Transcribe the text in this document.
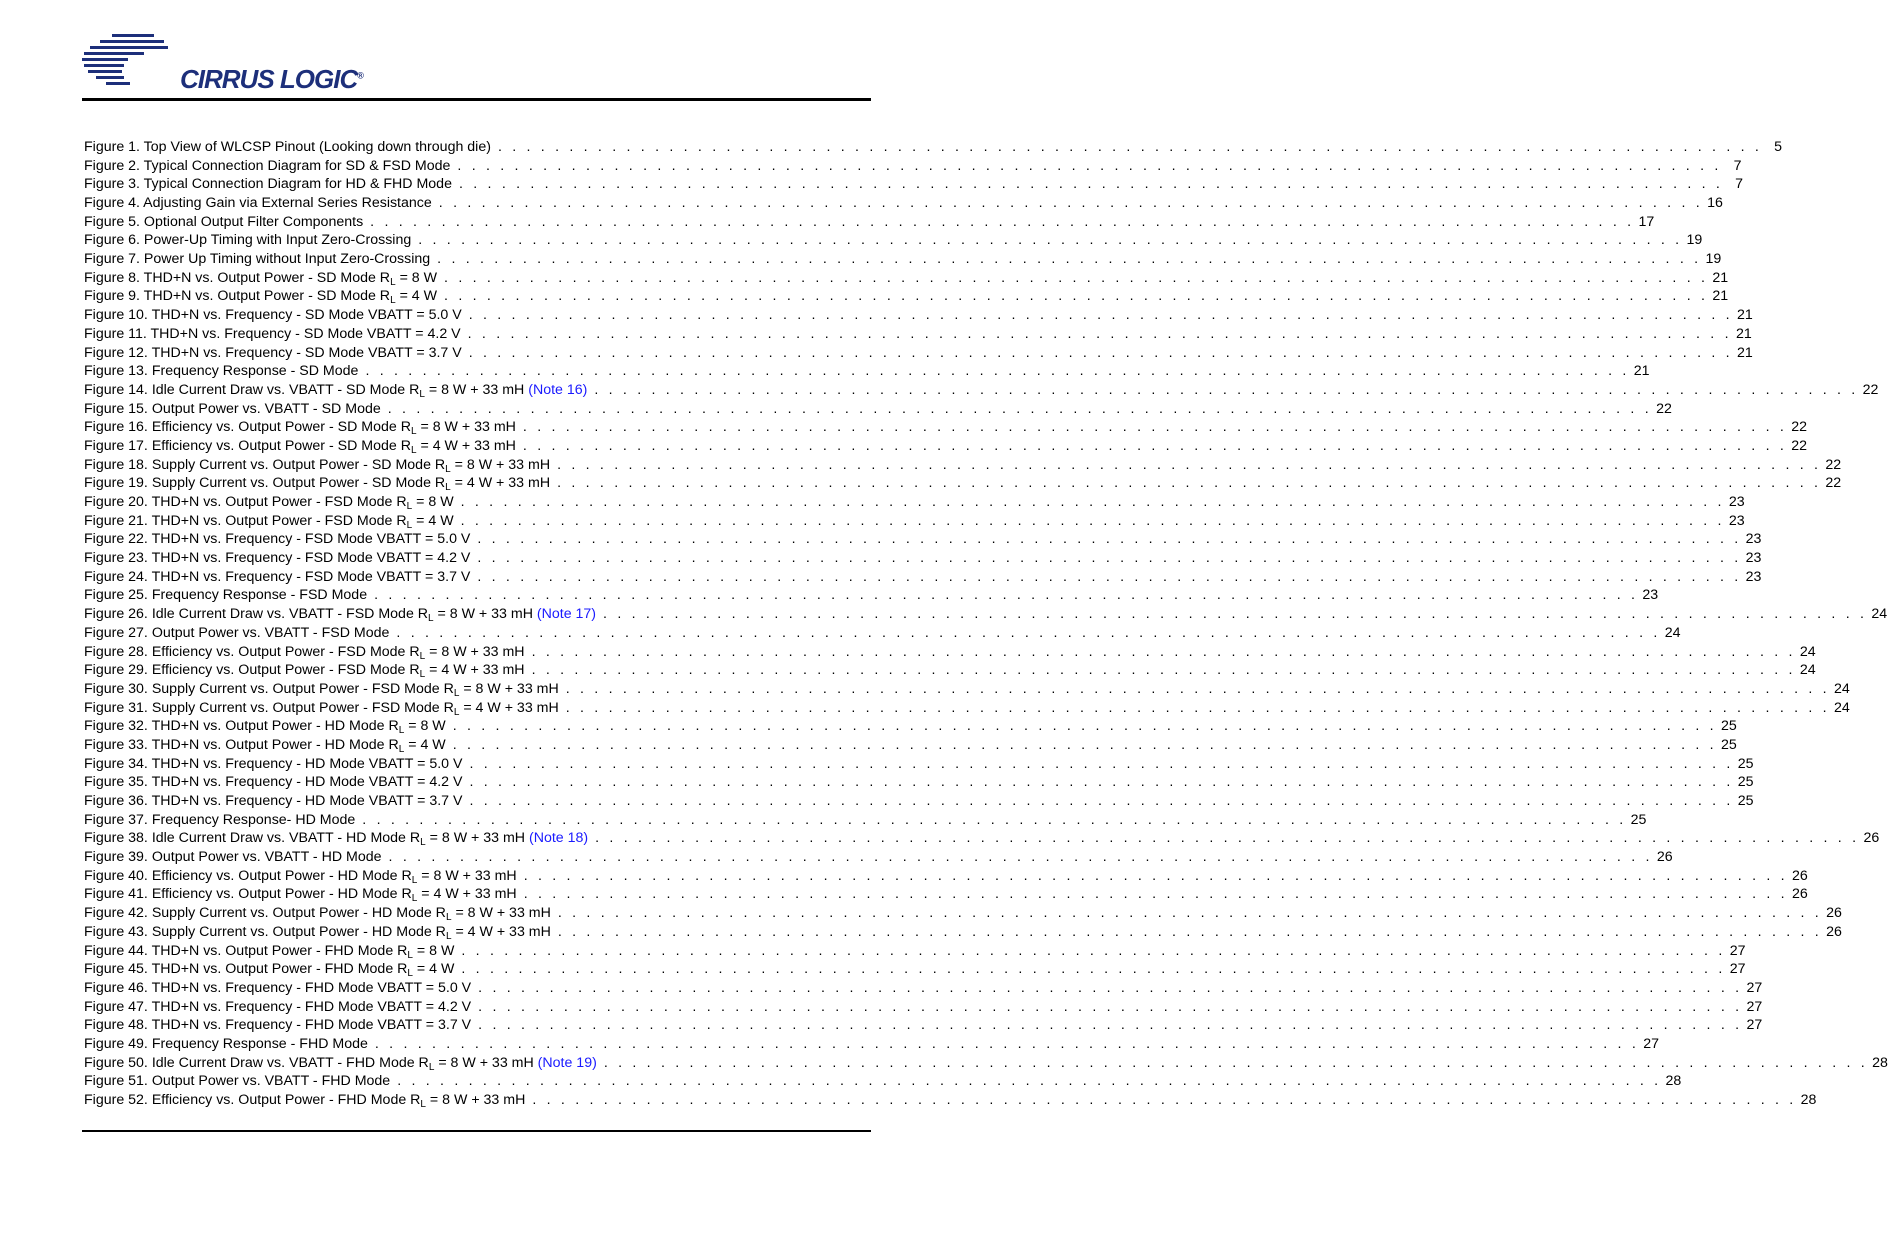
CIRRUS LOGIC®
Figure 1. Top View of WLCSP Pinout (Looking down through die) . . . . . . . . . . . . . . . . . . . . . . . . . . . . . . . . . . . . . . . . . . . . . . . . . . . . . . . . . . . . . . . . . . . . . . . . . . . . . . . . . . . . . . . . . 5
Figure 2. Typical Connection Diagram for SD & FSD Mode . . . . . . . . . . . . . . . . . . . . . . . . . . . . . . . . . . . . . . . . . . . . . . . . . . . . . . . . . . . . . . . . . . . . . . . . . . . . . . . . . . . . . . . . . 7
Figure 3. Typical Connection Diagram for HD & FHD Mode . . . . . . . . . . . . . . . . . . . . . . . . . . . . . . . . . . . . . . . . . . . . . . . . . . . . . . . . . . . . . . . . . . . . . . . . . . . . . . . . . . . . . . . . . 7
Figure 4. Adjusting Gain via External Series Resistance . . . . . . . . . . . . . . . . . . . . . . . . . . . . . . . . . . . . . . . . . . . . . . . . . . . . . . . . . . . . . . . . . . . . . . . . . . . . . . . . . . . . . . . . . 16
Figure 5. Optional Output Filter Components . . . . . . . . . . . . . . . . . . . . . . . . . . . . . . . . . . . . . . . . . . . . . . . . . . . . . . . . . . . . . . . . . . . . . . . . . . . . . . . . . . . . . . . . . 17
Figure 6. Power-Up Timing with Input Zero-Crossing . . . . . . . . . . . . . . . . . . . . . . . . . . . . . . . . . . . . . . . . . . . . . . . . . . . . . . . . . . . . . . . . . . . . . . . . . . . . . . . . . . . . . . . . . 19
Figure 7. Power Up Timing without Input Zero-Crossing . . . . . . . . . . . . . . . . . . . . . . . . . . . . . . . . . . . . . . . . . . . . . . . . . . . . . . . . . . . . . . . . . . . . . . . . . . . . . . . . . . . . . . . . . 19
Figure 8. THD+N vs. Output Power - SD Mode $R_L = 8$ W . . . . . . . . . . . . . . . . . . . . . . . . . . . . . . . . . . . . . . . . . . . . . . . . . . . . . . . . . . . . . . . . . . . . . . . . . . . . . . . . . . . . . . . . . 21
Figure 9. THD+N vs. Output Power - SD Mode $R_L = 4$ W . . . . . . . . . . . . . . . . . . . . . . . . . . . . . . . . . . . . . . . . . . . . . . . . . . . . . . . . . . . . . . . . . . . . . . . . . . . . . . . . . . . . . . . . . 21
Figure 10. THD+N vs. Frequency - SD Mode VBATT = 5.0 V . . . . . . . . . . . . . . . . . . . . . . . . . . . . . . . . . . . . . . . . . . . . . . . . . . . . . . . . . . . . . . . . . . . . . . . . . . . . . . . . . . . . . . . . . 21
Figure 11. THD+N vs. Frequency - SD Mode VBATT = 4.2 V . . . . . . . . . . . . . . . . . . . . . . . . . . . . . . . . . . . . . . . . . . . . . . . . . . . . . . . . . . . . . . . . . . . . . . . . . . . . . . . . . . . . . . . . . 21
Figure 12. THD+N vs. Frequency - SD Mode VBATT = 3.7 V . . . . . . . . . . . . . . . . . . . . . . . . . . . . . . . . . . . . . . . . . . . . . . . . . . . . . . . . . . . . . . . . . . . . . . . . . . . . . . . . . . . . . . . . . 21
Figure 13. Frequency Response - SD Mode . . . . . . . . . . . . . . . . . . . . . . . . . . . . . . . . . . . . . . . . . . . . . . . . . . . . . . . . . . . . . . . . . . . . . . . . . . . . . . . . . . . . . . . . . 21
Figure 14. Idle Current Draw vs. VBATT - SD Mode $R_L = 8$ W + 33 mH (Note 16) . . . . . . . . . . . . . . . . . . . . . . . . . . . . . . . . . . . . . . . . . . . . . . . . . . . . . . . . . . . . . . . . . . . . . . . . . . . . . . . . . . . . . . . . . 22
Figure 15. Output Power vs. VBATT - SD Mode . . . . . . . . . . . . . . . . . . . . . . . . . . . . . . . . . . . . . . . . . . . . . . . . . . . . . . . . . . . . . . . . . . . . . . . . . . . . . . . . . . . . . . . . . 22
Figure 16. Efficiency vs. Output Power - SD Mode $R_L = 8$ W + 33 mH . . . . . . . . . . . . . . . . . . . . . . . . . . . . . . . . . . . . . . . . . . . . . . . . . . . . . . . . . . . . . . . . . . . . . . . . . . . . . . . . . . . . . . . . . 22
Figure 17. Efficiency vs. Output Power - SD Mode $R_L = 4$ W + 33 mH . . . . . . . . . . . . . . . . . . . . . . . . . . . . . . . . . . . . . . . . . . . . . . . . . . . . . . . . . . . . . . . . . . . . . . . . . . . . . . . . . . . . . . . . . 22
Figure 18. Supply Current vs. Output Power - SD Mode $R_L = 8$ W + 33 mH . . . . . . . . . . . . . . . . . . . . . . . . . . . . . . . . . . . . . . . . . . . . . . . . . . . . . . . . . . . . . . . . . . . . . . . . . . . . . . . . . . . . . . . . . 22
Figure 19. Supply Current vs. Output Power - SD Mode $R_L = 4$ W + 33 mH . . . . . . . . . . . . . . . . . . . . . . . . . . . . . . . . . . . . . . . . . . . . . . . . . . . . . . . . . . . . . . . . . . . . . . . . . . . . . . . . . . . . . . . . . 22
Figure 20. THD+N vs. Output Power - FSD Mode $R_L = 8$ W . . . . . . . . . . . . . . . . . . . . . . . . . . . . . . . . . . . . . . . . . . . . . . . . . . . . . . . . . . . . . . . . . . . . . . . . . . . . . . . . . . . . . . . . . 23
Figure 21. THD+N vs. Output Power - FSD Mode $R_L = 4$ W . . . . . . . . . . . . . . . . . . . . . . . . . . . . . . . . . . . . . . . . . . . . . . . . . . . . . . . . . . . . . . . . . . . . . . . . . . . . . . . . . . . . . . . . . 23
Figure 22. THD+N vs. Frequency - FSD Mode VBATT = 5.0 V . . . . . . . . . . . . . . . . . . . . . . . . . . . . . . . . . . . . . . . . . . . . . . . . . . . . . . . . . . . . . . . . . . . . . . . . . . . . . . . . . . . . . . . . . 23
Figure 23. THD+N vs. Frequency - FSD Mode VBATT = 4.2 V . . . . . . . . . . . . . . . . . . . . . . . . . . . . . . . . . . . . . . . . . . . . . . . . . . . . . . . . . . . . . . . . . . . . . . . . . . . . . . . . . . . . . . . . . 23
Figure 24. THD+N vs. Frequency - FSD Mode VBATT = 3.7 V . . . . . . . . . . . . . . . . . . . . . . . . . . . . . . . . . . . . . . . . . . . . . . . . . . . . . . . . . . . . . . . . . . . . . . . . . . . . . . . . . . . . . . . . . 23
Figure 25. Frequency Response - FSD Mode . . . . . . . . . . . . . . . . . . . . . . . . . . . . . . . . . . . . . . . . . . . . . . . . . . . . . . . . . . . . . . . . . . . . . . . . . . . . . . . . . . . . . . . . . 23
Figure 26. Idle Current Draw vs. VBATT - FSD Mode $R_L = 8$ W + 33 mH (Note 17) . . . . . . . . . . . . . . . . . . . . . . . . . . . . . . . . . . . . . . . . . . . . . . . . . . . . . . . . . . . . . . . . . . . . . . . . . . . . . . . . . . . . . . . . . 24
Figure 27. Output Power vs. VBATT - FSD Mode . . . . . . . . . . . . . . . . . . . . . . . . . . . . . . . . . . . . . . . . . . . . . . . . . . . . . . . . . . . . . . . . . . . . . . . . . . . . . . . . . . . . . . . . . 24
Figure 28. Efficiency vs. Output Power - FSD Mode $R_L = 8$ W + 33 mH . . . . . . . . . . . . . . . . . . . . . . . . . . . . . . . . . . . . . . . . . . . . . . . . . . . . . . . . . . . . . . . . . . . . . . . . . . . . . . . . . . . . . . . . . 24
Figure 29. Efficiency vs. Output Power - FSD Mode $R_L = 4$ W + 33 mH . . . . . . . . . . . . . . . . . . . . . . . . . . . . . . . . . . . . . . . . . . . . . . . . . . . . . . . . . . . . . . . . . . . . . . . . . . . . . . . . . . . . . . . . . 24
Figure 30. Supply Current vs. Output Power - FSD Mode $R_L = 8$ W + 33 mH . . . . . . . . . . . . . . . . . . . . . . . . . . . . . . . . . . . . . . . . . . . . . . . . . . . . . . . . . . . . . . . . . . . . . . . . . . . . . . . . . . . . . . . . . 24
Figure 31. Supply Current vs. Output Power - FSD Mode $R_L = 4$ W + 33 mH . . . . . . . . . . . . . . . . . . . . . . . . . . . . . . . . . . . . . . . . . . . . . . . . . . . . . . . . . . . . . . . . . . . . . . . . . . . . . . . . . . . . . . . . . 24
Figure 32. THD+N vs. Output Power - HD Mode $R_L = 8$ W . . . . . . . . . . . . . . . . . . . . . . . . . . . . . . . . . . . . . . . . . . . . . . . . . . . . . . . . . . . . . . . . . . . . . . . . . . . . . . . . . . . . . . . . . 25
Figure 33. THD+N vs. Output Power - HD Mode $R_L = 4$ W . . . . . . . . . . . . . . . . . . . . . . . . . . . . . . . . . . . . . . . . . . . . . . . . . . . . . . . . . . . . . . . . . . . . . . . . . . . . . . . . . . . . . . . . . 25
Figure 34. THD+N vs. Frequency - HD Mode VBATT = 5.0 V . . . . . . . . . . . . . . . . . . . . . . . . . . . . . . . . . . . . . . . . . . . . . . . . . . . . . . . . . . . . . . . . . . . . . . . . . . . . . . . . . . . . . . . . . 25
Figure 35. THD+N vs. Frequency - HD Mode VBATT = 4.2 V . . . . . . . . . . . . . . . . . . . . . . . . . . . . . . . . . . . . . . . . . . . . . . . . . . . . . . . . . . . . . . . . . . . . . . . . . . . . . . . . . . . . . . . . . 25
Figure 36. THD+N vs. Frequency - HD Mode VBATT = 3.7 V . . . . . . . . . . . . . . . . . . . . . . . . . . . . . . . . . . . . . . . . . . . . . . . . . . . . . . . . . . . . . . . . . . . . . . . . . . . . . . . . . . . . . . . . . 25
Figure 37. Frequency Response- HD Mode . . . . . . . . . . . . . . . . . . . . . . . . . . . . . . . . . . . . . . . . . . . . . . . . . . . . . . . . . . . . . . . . . . . . . . . . . . . . . . . . . . . . . . . . . 25
Figure 38. Idle Current Draw vs. VBATT - HD Mode $R_L = 8$ W + 33 mH (Note 18) . . . . . . . . . . . . . . . . . . . . . . . . . . . . . . . . . . . . . . . . . . . . . . . . . . . . . . . . . . . . . . . . . . . . . . . . . . . . . . . . . . . . . . . . . 26
Figure 39. Output Power vs. VBATT - HD Mode . . . . . . . . . . . . . . . . . . . . . . . . . . . . . . . . . . . . . . . . . . . . . . . . . . . . . . . . . . . . . . . . . . . . . . . . . . . . . . . . . . . . . . . . . 26
Figure 40. Efficiency vs. Output Power - HD Mode $R_L = 8$ W + 33 mH . . . . . . . . . . . . . . . . . . . . . . . . . . . . . . . . . . . . . . . . . . . . . . . . . . . . . . . . . . . . . . . . . . . . . . . . . . . . . . . . . . . . . . . . . 26
Figure 41. Efficiency vs. Output Power - HD Mode $R_L = 4$ W + 33 mH . . . . . . . . . . . . . . . . . . . . . . . . . . . . . . . . . . . . . . . . . . . . . . . . . . . . . . . . . . . . . . . . . . . . . . . . . . . . . . . . . . . . . . . . . 26
Figure 42. Supply Current vs. Output Power - HD Mode $R_L = 8$ W + 33 mH . . . . . . . . . . . . . . . . . . . . . . . . . . . . . . . . . . . . . . . . . . . . . . . . . . . . . . . . . . . . . . . . . . . . . . . . . . . . . . . . . . . . . . . . . 26
Figure 43. Supply Current vs. Output Power - HD Mode $R_L = 4$ W + 33 mH . . . . . . . . . . . . . . . . . . . . . . . . . . . . . . . . . . . . . . . . . . . . . . . . . . . . . . . . . . . . . . . . . . . . . . . . . . . . . . . . . . . . . . . . . 26
Figure 44. THD+N vs. Output Power - FHD Mode $R_L = 8$ W . . . . . . . . . . . . . . . . . . . . . . . . . . . . . . . . . . . . . . . . . . . . . . . . . . . . . . . . . . . . . . . . . . . . . . . . . . . . . . . . . . . . . . . . . 27
Figure 45. THD+N vs. Output Power - FHD Mode $R_L = 4$ W . . . . . . . . . . . . . . . . . . . . . . . . . . . . . . . . . . . . . . . . . . . . . . . . . . . . . . . . . . . . . . . . . . . . . . . . . . . . . . . . . . . . . . . . . 27
Figure 46. THD+N vs. Frequency - FHD Mode VBATT = 5.0 V . . . . . . . . . . . . . . . . . . . . . . . . . . . . . . . . . . . . . . . . . . . . . . . . . . . . . . . . . . . . . . . . . . . . . . . . . . . . . . . . . . . . . . . . . 27
Figure 47. THD+N vs. Frequency - FHD Mode VBATT = 4.2 V . . . . . . . . . . . . . . . . . . . . . . . . . . . . . . . . . . . . . . . . . . . . . . . . . . . . . . . . . . . . . . . . . . . . . . . . . . . . . . . . . . . . . . . . . 27
Figure 48. THD+N vs. Frequency - FHD Mode VBATT = 3.7 V . . . . . . . . . . . . . . . . . . . . . . . . . . . . . . . . . . . . . . . . . . . . . . . . . . . . . . . . . . . . . . . . . . . . . . . . . . . . . . . . . . . . . . . . . 27
Figure 49. Frequency Response - FHD Mode . . . . . . . . . . . . . . . . . . . . . . . . . . . . . . . . . . . . . . . . . . . . . . . . . . . . . . . . . . . . . . . . . . . . . . . . . . . . . . . . . . . . . . . . . 27
Figure 50. Idle Current Draw vs. VBATT - FHD Mode $R_L = 8$ W + 33 mH (Note 19) . . . . . . . . . . . . . . . . . . . . . . . . . . . . . . . . . . . . . . . . . . . . . . . . . . . . . . . . . . . . . . . . . . . . . . . . . . . . . . . . . . . . . . . . . 28
Figure 51. Output Power vs. VBATT - FHD Mode . . . . . . . . . . . . . . . . . . . . . . . . . . . . . . . . . . . . . . . . . . . . . . . . . . . . . . . . . . . . . . . . . . . . . . . . . . . . . . . . . . . . . . . . . 28
Figure 52. Efficiency vs. Output Power - FHD Mode $R_L = 8$ W + 33 mH . . . . . . . . . . . . . . . . . . . . . . . . . . . . . . . . . . . . . . . . . . . . . . . . . . . . . . . . . . . . . . . . . . . . . . . . . . . . . . . . . . . . . . . . . 28
